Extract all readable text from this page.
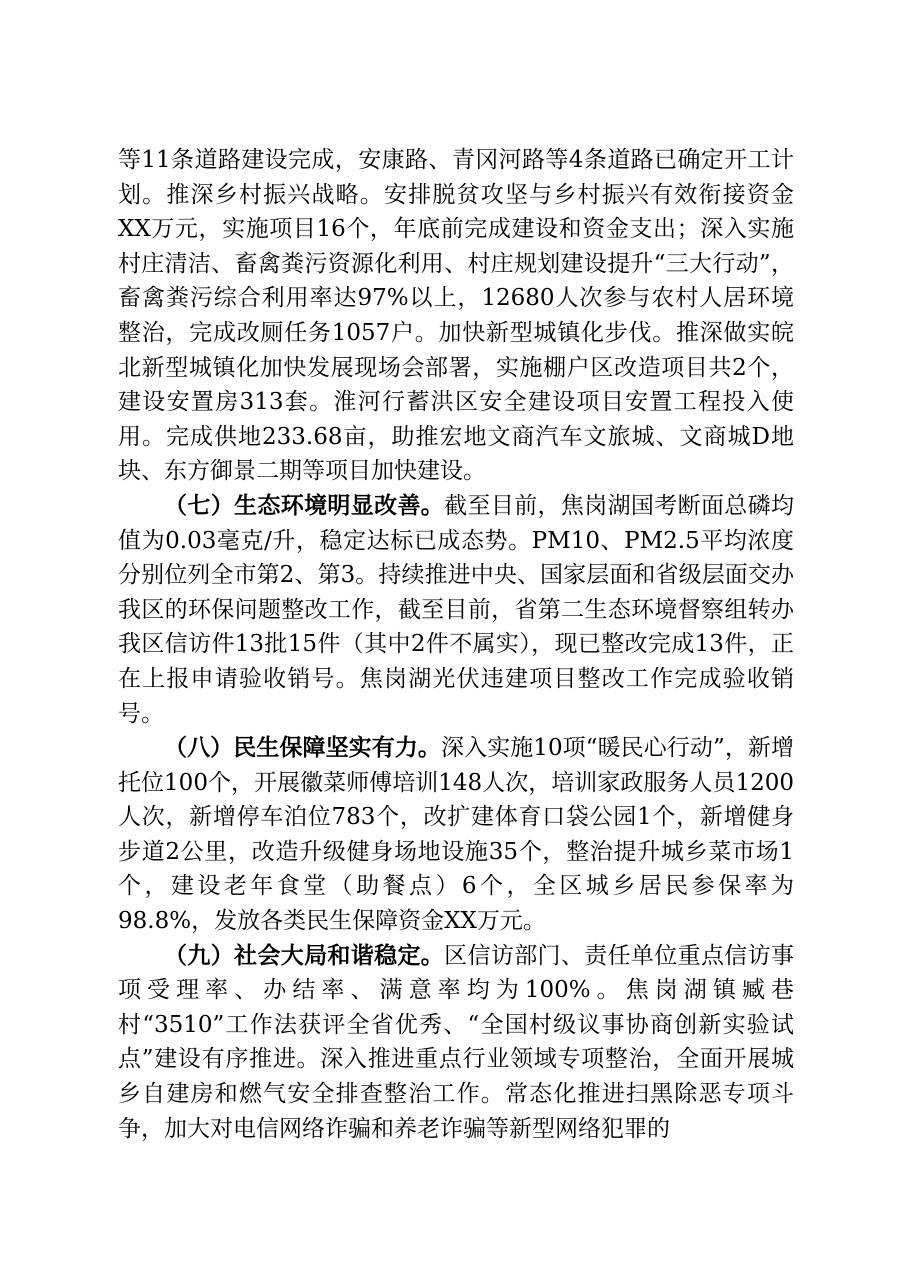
等11条道路建设完成，安康路、青冈河路等4条道路已确定开工计划。推深乡村振兴战略。安排脱贫攻坚与乡村振兴有效衔接资金XX万元，实施项目16个，年底前完成建设和资金支出；深入实施村庄清洁、畜禽粪污资源化利用、村庄规划建设提升“三大行动”，畜禽粪污综合利用率达97%以上，12680人次参与农村人居环境整治，完成改厕任务1057户。加快新型城镇化步伐。推深做实皖北新型城镇化加快发展现场会部署，实施棚户区改造项目共2个，建设安置房313套。淮河行蓄洪区安全建设项目安置工程投入使用。完成供地233.68亩，助推宏地文商汽车文旅城、文商城D地块、东方御景二期等项目加快建设。

（七）生态环境明显改善。截至目前，焦岗湖国考断面总磷均值为0.03毫克/升，稳定达标已成态势。PM10、PM2.5平均浓度分别位列全市第2、第3。持续推进中央、国家层面和省级层面交办我区的环保问题整改工作，截至目前，省第二生态环境督察组转办我区信访件13批15件（其中2件不属实），现已整改完成13件，正在上报申请验收销号。焦岗湖光伏违建项目整改工作完成验收销号。

（八）民生保障坚实有力。深入实施10项“暖民心行动”，新增托位100个，开展徽菜师傅培训148人次，培训家政服务人员1200人次，新增停车泊位783个，改扩建体育口袋公园1个，新增健身步道2公里，改造升级健身场地设施35个，整治提升城乡菜市场1个，建设老年食堂（助餐点）6个，全区城乡居民参保率为98.8%，发放各类民生保障资金XX万元。

（九）社会大局和谐稳定。区信访部门、责任单位重点信访事项受理率、办结率、满意率均为100%。焦岗湖镇臧巷村“3510”工作法获评全省优秀、“全国村级议事协商创新实验试点”建设有序推进。深入推进重点行业领域专项整治，全面开展城乡自建房和燃气安全排查整治工作。常态化推进扫黑除恶专项斗争，加大对电信网络诈骗和养老诈骗等新型网络犯罪的
